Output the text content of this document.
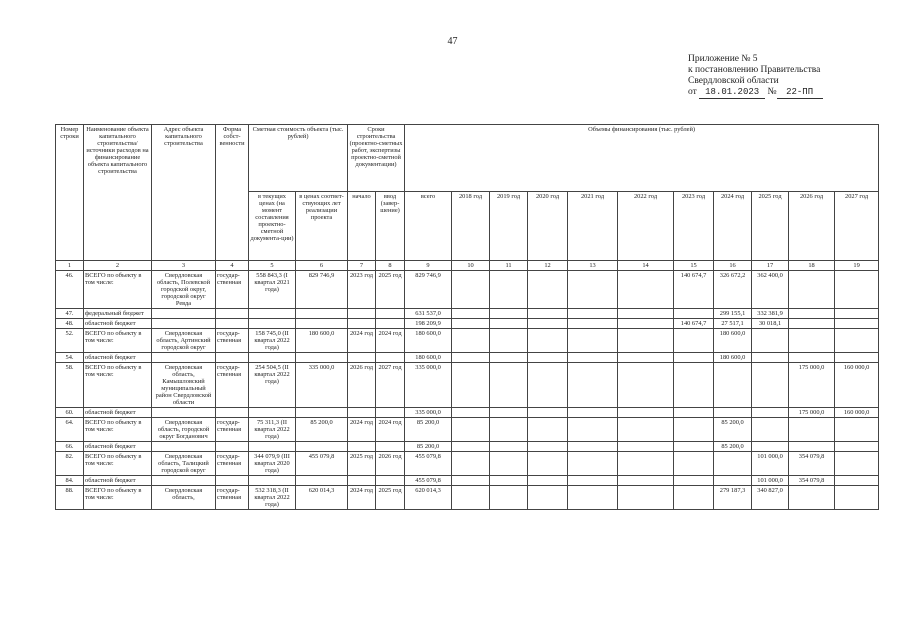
47
Приложение № 5
к постановлению Правительства
Свердловской области
от 18.01.2023 № 22-ПП
Номер строки	Наименование объекта капитального строительства/ источники расходов на финансирование объекта капитального строительства	Адрес объекта капитального строительства	Форма собст-венности	Сметная стоимость объекта (тыс. рублей)		Сроки строительства (проектно-сметных работ, экспертизы проектно-сметной документации)		Объемы финансирования (тыс. рублей)										
				в текущих ценах (на момент составления проектно-сметной документа-ции)	в ценах соответ-ствующих лет реализации проекта	начало	ввод (завер-шение)	всего	2018 год	2019 год	2020 год	2021 год	2022 год	2023 год	2024 год	2025 год	2026 год	2027 год
1	2	3	4	5	6	7	8	9	10	11	12	13	14	15	16	17	18	19
46.	ВСЕГО по объекту в том числе:	Свердловская область, Полевской городской округ, городской округ Ревда	государ-ственная	558 843,3 (I квартал 2021 года)	829 746,9	2023 год	2025 год	829 746,9						140 674,7	326 672,2	362 400,0		
47.	федеральный бюджет							631 537,0							299 155,1	332 381,9		
48.	областной бюджет							198 209,9						140 674,7	27 517,1	30 018,1		
52.	ВСЕГО по объекту в том числе:	Свердловская область, Артинский городской округ	государ-ственная	158 745,0 (II квартал 2022 года)	180 600,0	2024 год	2024 год	180 600,0							180 600,0			
54.	областной бюджет							180 600,0							180 600,0			
58.	ВСЕГО по объекту в том числе:	Свердловская область, Камышловский муниципальный район Свердловской области	государ-ственная	254 504,5 (II квартал 2022 года)	335 000,0	2026 год	2027 год	335 000,0									175 000,0	160 000,0
60.	областной бюджет							335 000,0									175 000,0	160 000,0
64.	ВСЕГО по объекту в том числе:	Свердловская область, городской округ Богданович	государ-ственная	75 311,3 (II квартал 2022 года)	85 200,0	2024 год	2024 год	85 200,0							85 200,0			
66.	областной бюджет							85 200,0							85 200,0			
82.	ВСЕГО по объекту в том числе:	Свердловская область, Талицкий городской округ	государ-ственная	344 079,9 (III квартал 2020 года)	455 079,8	2025 год	2026 год	455 079,8								101 000,0	354 079,8	
84.	областной бюджет							455 079,8								101 000,0	354 079,8	
88.	ВСЕГО по объекту в том числе:	Свердловская область,	государ-ственная	532 318,3 (II квартал 2022 года)	620 014,3	2024 год	2025 год	620 014,3							279 187,3	340 827,0		
